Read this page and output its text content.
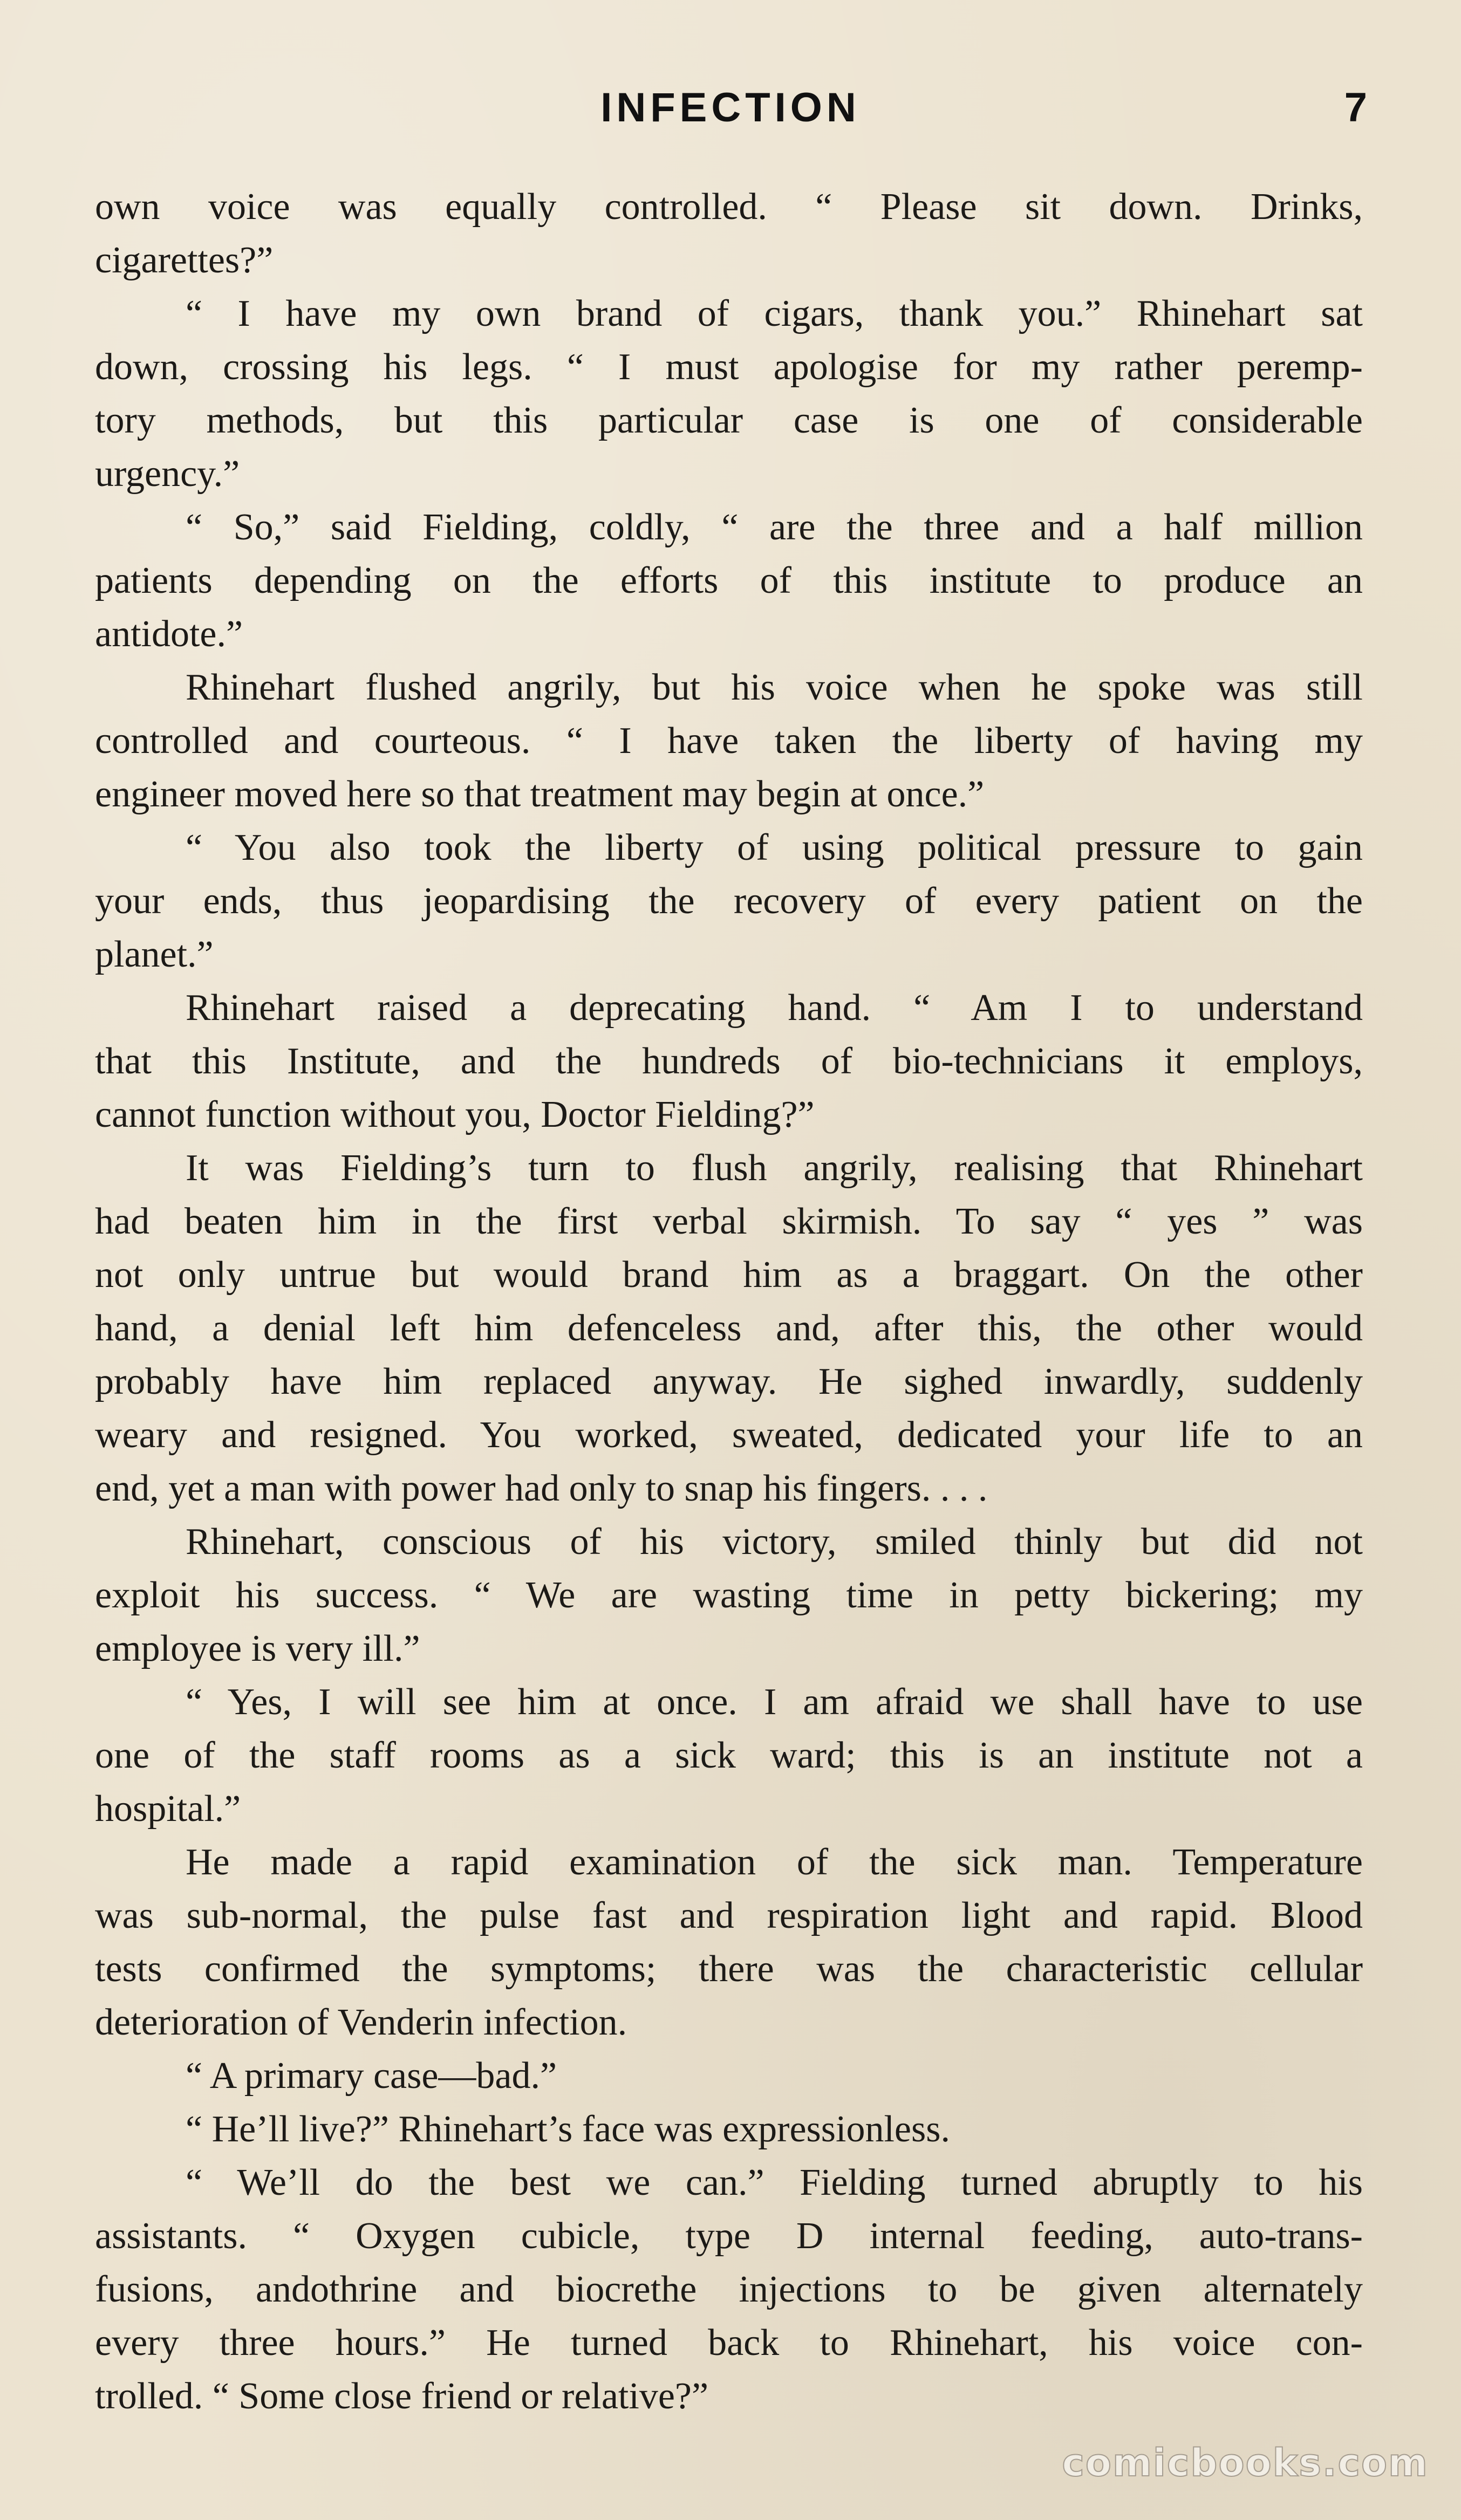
INFECTION	7
own voice was equally controlled. “ Please sit down. Drinks,
cigarettes?”
“ I have my own brand of cigars, thank you.” Rhinehart sat
down, crossing his legs. “ I must apologise for my rather peremp-
tory methods, but this particular case is one of considerable
urgency.”
“ So,” said Fielding, coldly, “ are the three and a half million
patients depending on the efforts of this institute to produce an
antidote.”
Rhinehart flushed angrily, but his voice when he spoke was still
controlled and courteous. “ I have taken the liberty of having my
engineer moved here so that treatment may begin at once.”
“ You also took the liberty of using political pressure to gain
your ends, thus jeopardising the recovery of every patient on the
planet.”
Rhinehart raised a deprecating hand. “ Am I to understand
that this Institute, and the hundreds of bio-technicians it employs,
cannot function without you, Doctor Fielding?”
It was Fielding’s turn to flush angrily, realising that Rhinehart
had beaten him in the first verbal skirmish. To say “ yes ” was
not only untrue but would brand him as a braggart. On the other
hand, a denial left him defenceless and, after this, the other would
probably have him replaced anyway. He sighed inwardly, suddenly
weary and resigned. You worked, sweated, dedicated your life to an
end, yet a man with power had only to snap his fingers. . . .
Rhinehart, conscious of his victory, smiled thinly but did not
exploit his success. “ We are wasting time in petty bickering; my
employee is very ill.”
“ Yes, I will see him at once. I am afraid we shall have to use
one of the staff rooms as a sick ward; this is an institute not a
hospital.”
He made a rapid examination of the sick man. Temperature
was sub-normal, the pulse fast and respiration light and rapid. Blood
tests confirmed the symptoms; there was the characteristic cellular
deterioration of Venderin infection.
“ A primary case—bad.”
“ He’ll live?” Rhinehart’s face was expressionless.
“ We’ll do the best we can.” Fielding turned abruptly to his
assistants. “ Oxygen cubicle, type D internal feeding, auto-trans-
fusions, andothrine and biocrethe injections to be given alternately
every three hours.” He turned back to Rhinehart, his voice con-
trolled. “ Some close friend or relative?”
comicbooks.com
